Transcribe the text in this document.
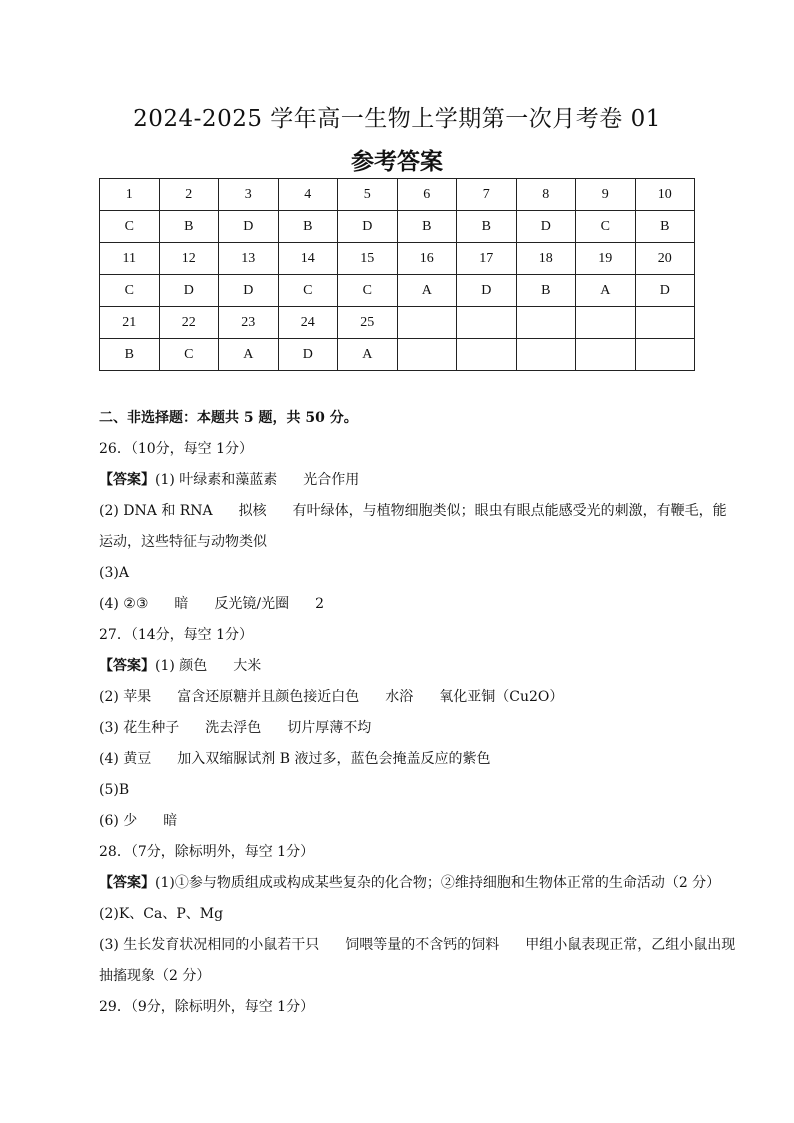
2024-2025 学年高一生物上学期第一次月考卷 01
参考答案
1	2	3	4	5	6	7	8	9	10
C	B	D	B	D	B	B	D	C	B
11	12	13	14	15	16	17	18	19	20
C	D	D	C	C	A	D	B	A	D
21	22	23	24	25					
B	C	A	D	A					
二、非选择题：本题共 5 题，共 50 分。
26．（10分，每空 1分）
【答案】(1) 叶绿素和藻蓝素 光合作用
(2) DNA 和 RNA 拟核 有叶绿体，与植物细胞类似；眼虫有眼点能感受光的刺激，有鞭毛，能运动，这些特征与动物类似
(3)A
(4) ②③ 暗 反光镜/光圈 2
27．（14分，每空 1分）
【答案】(1) 颜色 大米
(2) 苹果 富含还原糖并且颜色接近白色 水浴 氧化亚铜（Cu2O）
(3) 花生种子 洗去浮色 切片厚薄不均
(4) 黄豆 加入双缩脲试剂 B 液过多，蓝色会掩盖反应的紫色
(5)B
(6) 少 暗
28．（7分，除标明外，每空 1分）
【答案】(1)①参与物质组成或构成某些复杂的化合物；②维持细胞和生物体正常的生命活动（2 分）
(2)K、Ca、P、Mg
(3) 生长发育状况相同的小鼠若干只 饲喂等量的不含钙的饲料 甲组小鼠表现正常，乙组小鼠出现抽搐现象（2 分）
29．（9分，除标明外，每空 1分）
